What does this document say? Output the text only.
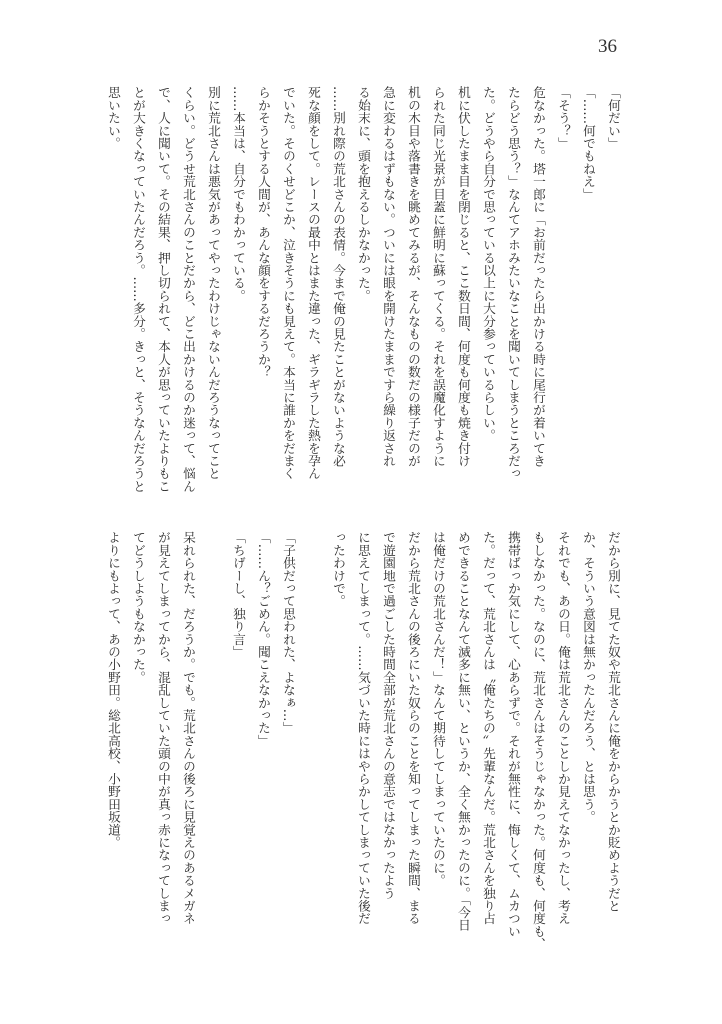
36
「何だい」
「……何でもねえ」
「そう？」
危なかった。塔一郎に「お前だったら出かける時に尾行が着いてき
たらどう思う？」なんてアホみたいなことを聞いてしまうところだっ
た。どうやら自分で思っている以上に大分参っているらしい。
机に伏したまま目を閉じると、ここ数日間、何度も何度も焼き付け
られた同じ光景が目蓋に鮮明に蘇ってくる。それを誤魔化すように
机の木目や落書きを眺めてみるが、そんなものの数だの様子だのが
急に変わるはずもない。ついには眼を開けたままですら繰り返され
る始末に、頭を抱えるしかなかった。
……別れ際の荒北さんの表情。今まで俺の見たことがないような必
死な顔をして。レースの最中とはまた違った、ギラギラした熱を孕ん
でいた。そのくせどこか、泣きそうにも見えて。本当に誰かをだまく
らかそうとする人間が、あんな顔をするだろうか？
……本当は、自分でもわかっている。
別に荒北さんは悪気があってやったわけじゃないんだろうなってこと
くらい。どうせ荒北さんのことだから、どこ出かけるのか迷って、悩ん
で、人に聞いて。その結果、押し切られて、本人が思っていたよりもこ
とが大きくなっていたんだろう。……多分。きっと、そうなんだろうと
思いたい。
だから別に、見てた奴や荒北さんに俺をからかうとか貶めようだと
か、そういう意図は無かったんだろう、とは思う。
それでも、あの日。俺は荒北さんのことしか見えてなかったし、考え
もしなかった。なのに、荒北さんはそうじゃなかった。何度も、何度も、
携帯ばっか気にして、心あらずで。それが無性に、悔しくて、ムカつい
た。だって、荒北さんは〝俺たちの〟先輩なんだ。荒北さんを独り占
めできることなんて滅多に無い、というか、全く無かったのに。「今日
は俺だけの荒北さんだ！」なんて期待してしまっていたのに。
だから荒北さんの後ろにいた奴らのことを知ってしまった瞬間、まる
で遊園地で過ごした時間全部が荒北さんの意志ではなかったよう
に思えてしまって。……気づいた時にはやらかしてしまっていた後だ
ったわけで。
「子供だって思われた、よなぁ…」
「……ん？ごめん。聞こえなかった」
「ちげーし、独り言」
呆れられた、だろうか。でも。荒北さんの後ろに見覚えのあるメガネ
が見えてしまってから、混乱していた頭の中が真っ赤になってしまっ
てどうしようもなかった。
よりにもよって、あの小野田。総北高校、小野田坂道。
